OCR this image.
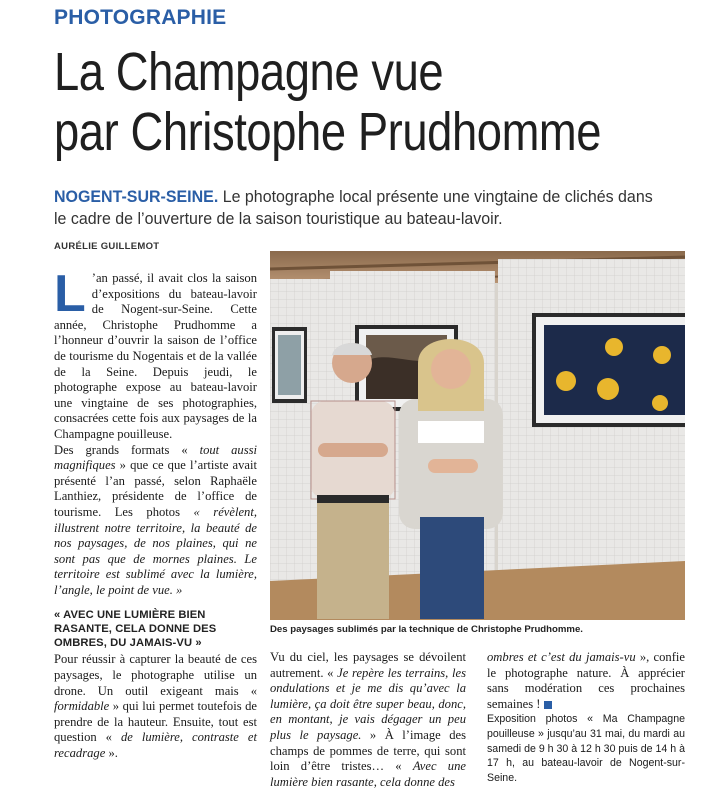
PHOTOGRAPHIE
La Champagne vue
par Christophe Prudhomme
NOGENT-SUR-SEINE. Le photographe local présente une vingtaine de clichés dans le cadre de l’ouverture de la saison touristique au bateau-lavoir.
AURÉLIE GUILLEMOT

L ’an passé, il avait clos la saison d’expositions du bateau-lavoir de Nogent-sur-Seine. Cette année, Christophe Prudhomme a l’honneur d’ouvrir la saison de l’office de tourisme du Nogentais et de la vallée de la Seine. Depuis jeudi, le photographe expose au bateau-lavoir une vingtaine de ses photographies, consacrées cette fois aux paysages de la Champagne pouilleuse.

Des grands formats « tout aussi magnifiques » que ce que l’artiste avait présenté l’an passé, selon Raphaële Lanthiez, présidente de l’office de tourisme. Les photos « révèlent, illustrent notre territoire, la beauté de nos paysages, de nos plaines, qui ne sont pas que de mornes plaines. Le territoire est sublimé avec la lumière, l’angle, le point de vue. »

« AVEC UNE LUMIÈRE BIEN RASANTE, CELA DONNE DES OMBRES, DU JAMAIS-VU »

Pour réussir à capturer la beauté de ces paysages, le photographe utilise un drone. Un outil exigeant mais « formidable » qui lui permet toutefois de prendre de la hauteur. Ensuite, tout est question « de lumière, contraste et recadrage ».

Des paysages sublimés par la technique de Christophe Prudhomme.

Vu du ciel, les paysages se dévoilent autrement. « Je repère les terrains, les ondulations et je me dis qu’avec la lumière, ça doit être super beau, donc, en montant, je vais dégager un peu plus le paysage. » À l’image des champs de pommes de terre, qui sont loin d’être tristes… « Avec une lumière bien rasante, cela donne des

ombres et c’est du jamais-vu », confie le photographe nature. À apprécier sans modération ces prochaines semaines !

Exposition photos « Ma Champagne pouilleuse » jusqu’au 31 mai, du mardi au samedi de 9 h 30 à 12 h 30 puis de 14 h à 17 h, au bateau-lavoir de Nogent-sur-Seine.
